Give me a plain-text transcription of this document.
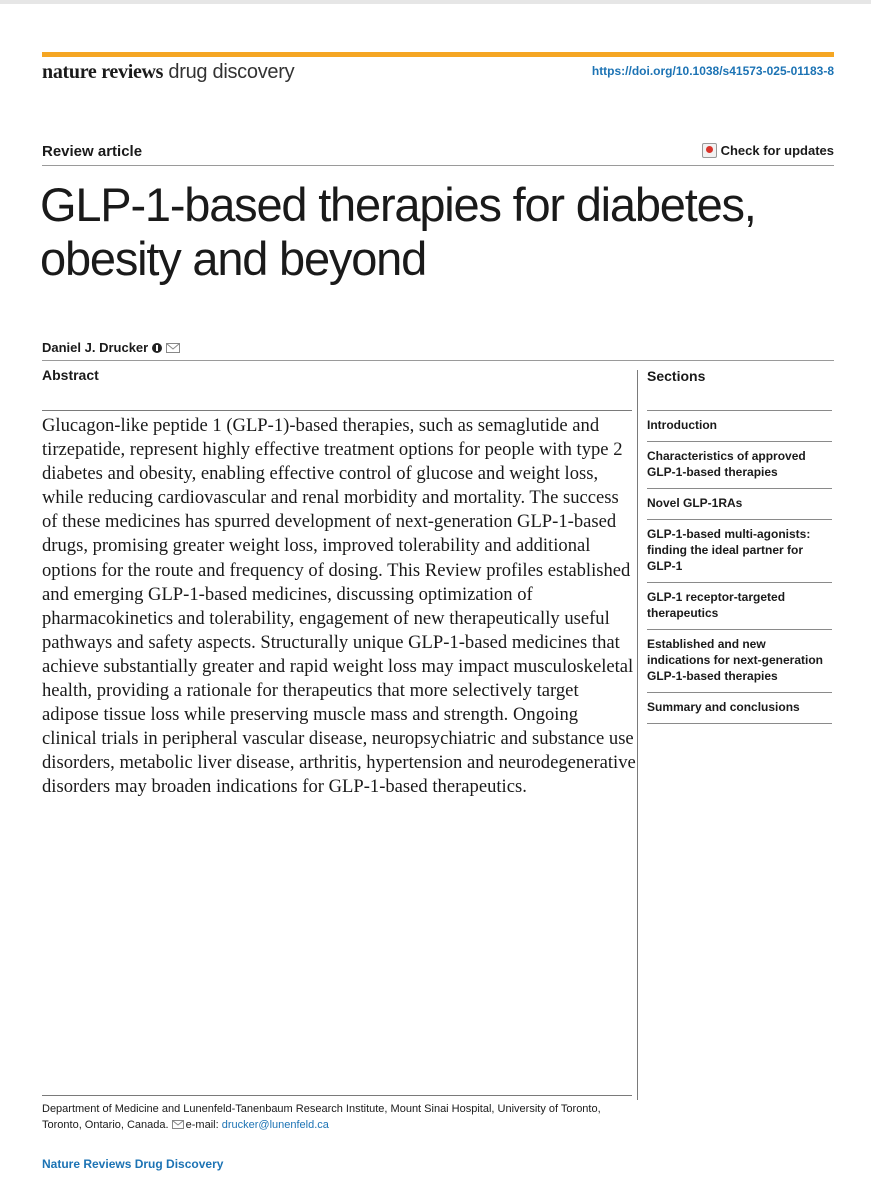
nature reviews drug discovery	https://doi.org/10.1038/s41573-025-01183-8
Review article	Check for updates
GLP-1-based therapies for diabetes,
obesity and beyond
Daniel J. Drucker
Abstract

Glucagon-like peptide 1 (GLP-1)-based therapies, such as semaglutide and tirzepatide, represent highly effective treatment options for people with type 2 diabetes and obesity, enabling effective control of glucose and weight loss, while reducing cardiovascular and renal morbidity and mortality. The success of these medicines has spurred development of next-generation GLP-1-based drugs, promising greater weight loss, improved tolerability and additional options for the route and frequency of dosing. This Review profiles established and emerging GLP-1-based medicines, discussing optimization of pharmacokinetics and tolerability, engagement of new therapeutically useful pathways and safety aspects. Structurally unique GLP-1-based medicines that achieve substantially greater and rapid weight loss may impact musculoskeletal health, providing a rationale for therapeutics that more selectively target adipose tissue loss while preserving muscle mass and strength. Ongoing clinical trials in peripheral vascular disease, neuropsychiatric and substance use disorders, metabolic liver disease, arthritis, hypertension and neurodegenerative disorders may broaden indications for GLP-1-based therapeutics.

Sections
Introduction
Characteristics of approved GLP-1-based therapies
Novel GLP-1RAs
GLP-1-based multi-agonists: finding the ideal partner for GLP-1
GLP-1 receptor-targeted therapeutics
Established and new indications for next-generation GLP-1-based therapies
Summary and conclusions
Department of Medicine and Lunenfeld-Tanenbaum Research Institute, Mount Sinai Hospital, University of Toronto, Toronto, Ontario, Canada. e-mail: drucker@lunenfeld.ca
Nature Reviews Drug Discovery
